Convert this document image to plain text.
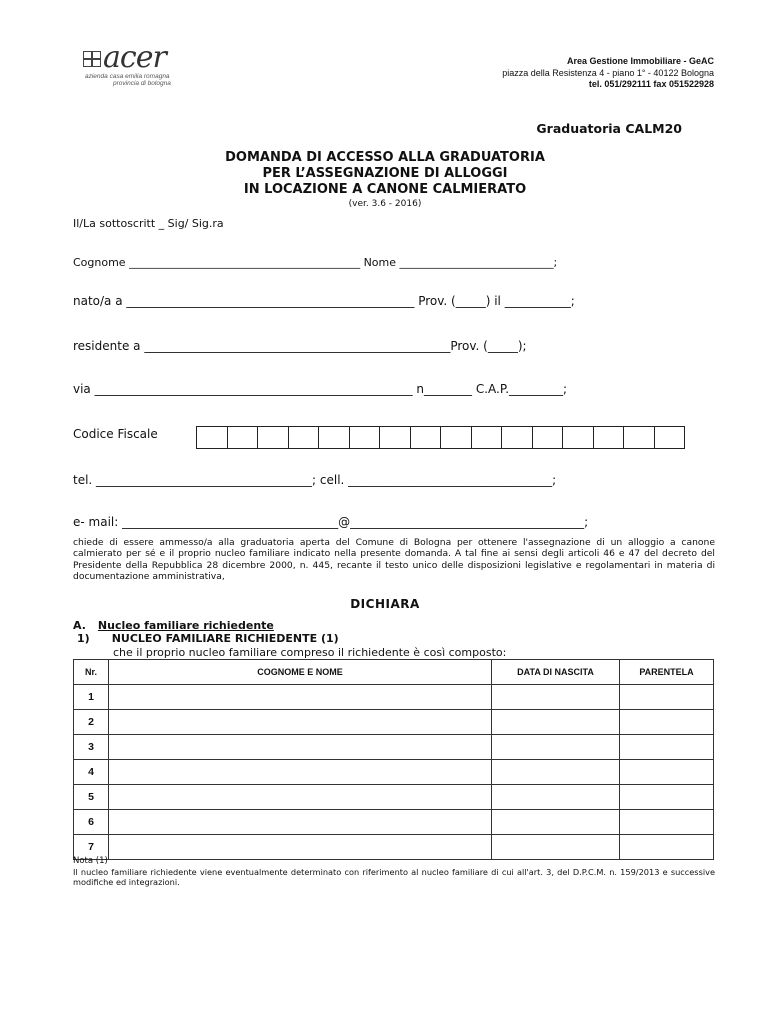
acer
azienda casa emilia romagna
provincia di bologna
Area Gestione Immobiliare - GeAC
piazza della Resistenza 4 - piano 1° - 40122 Bologna
tel. 051/292111 fax 051522928
Graduatoria CALM20
DOMANDA DI ACCESSO ALLA GRADUATORIA
PER L’ASSEGNAZIONE DI ALLOGGI
IN LOCAZIONE A CANONE CALMIERATO
(ver. 3.6 - 2016)
Il/La sottoscritt _ Sig/ Sig.ra
Cognome __________________________________________ Nome ____________________________;
nato/a a ________________________________________________ Prov. (_____) il ___________;
residente a ___________________________________________________Prov. (_____);
via _____________________________________________________ n________ C.A.P._________;
Codice Fiscale
tel. ____________________________________; cell. __________________________________;
e- mail: ____________________________________@_______________________________________;
chiede di essere ammesso/a alla graduatoria aperta del Comune di Bologna per ottenere l'assegnazione di un alloggio a canone calmierato per sé e il proprio nucleo familiare indicato nella presente domanda. A tal fine ai sensi degli articoli 46 e 47 del decreto del Presidente della Repubblica 28 dicembre 2000, n. 445, recante il testo unico delle disposizioni legislative e regolamentari in materia di documentazione amministrativa,
DICHIARA
A. Nucleo familiare richiedente
1) NUCLEO FAMILIARE RICHIEDENTE (1)
che il proprio nucleo familiare compreso il richiedente è così composto:
Nr.	COGNOME E NOME	DATA DI NASCITA	PARENTELA
1			
2			
3			
4			
5			
6			
7			
Nota (1)
Il nucleo familiare richiedente viene eventualmente determinato con riferimento al nucleo familiare di cui all'art. 3, del D.P.C.M. n. 159/2013 e successive modifiche ed integrazioni.
